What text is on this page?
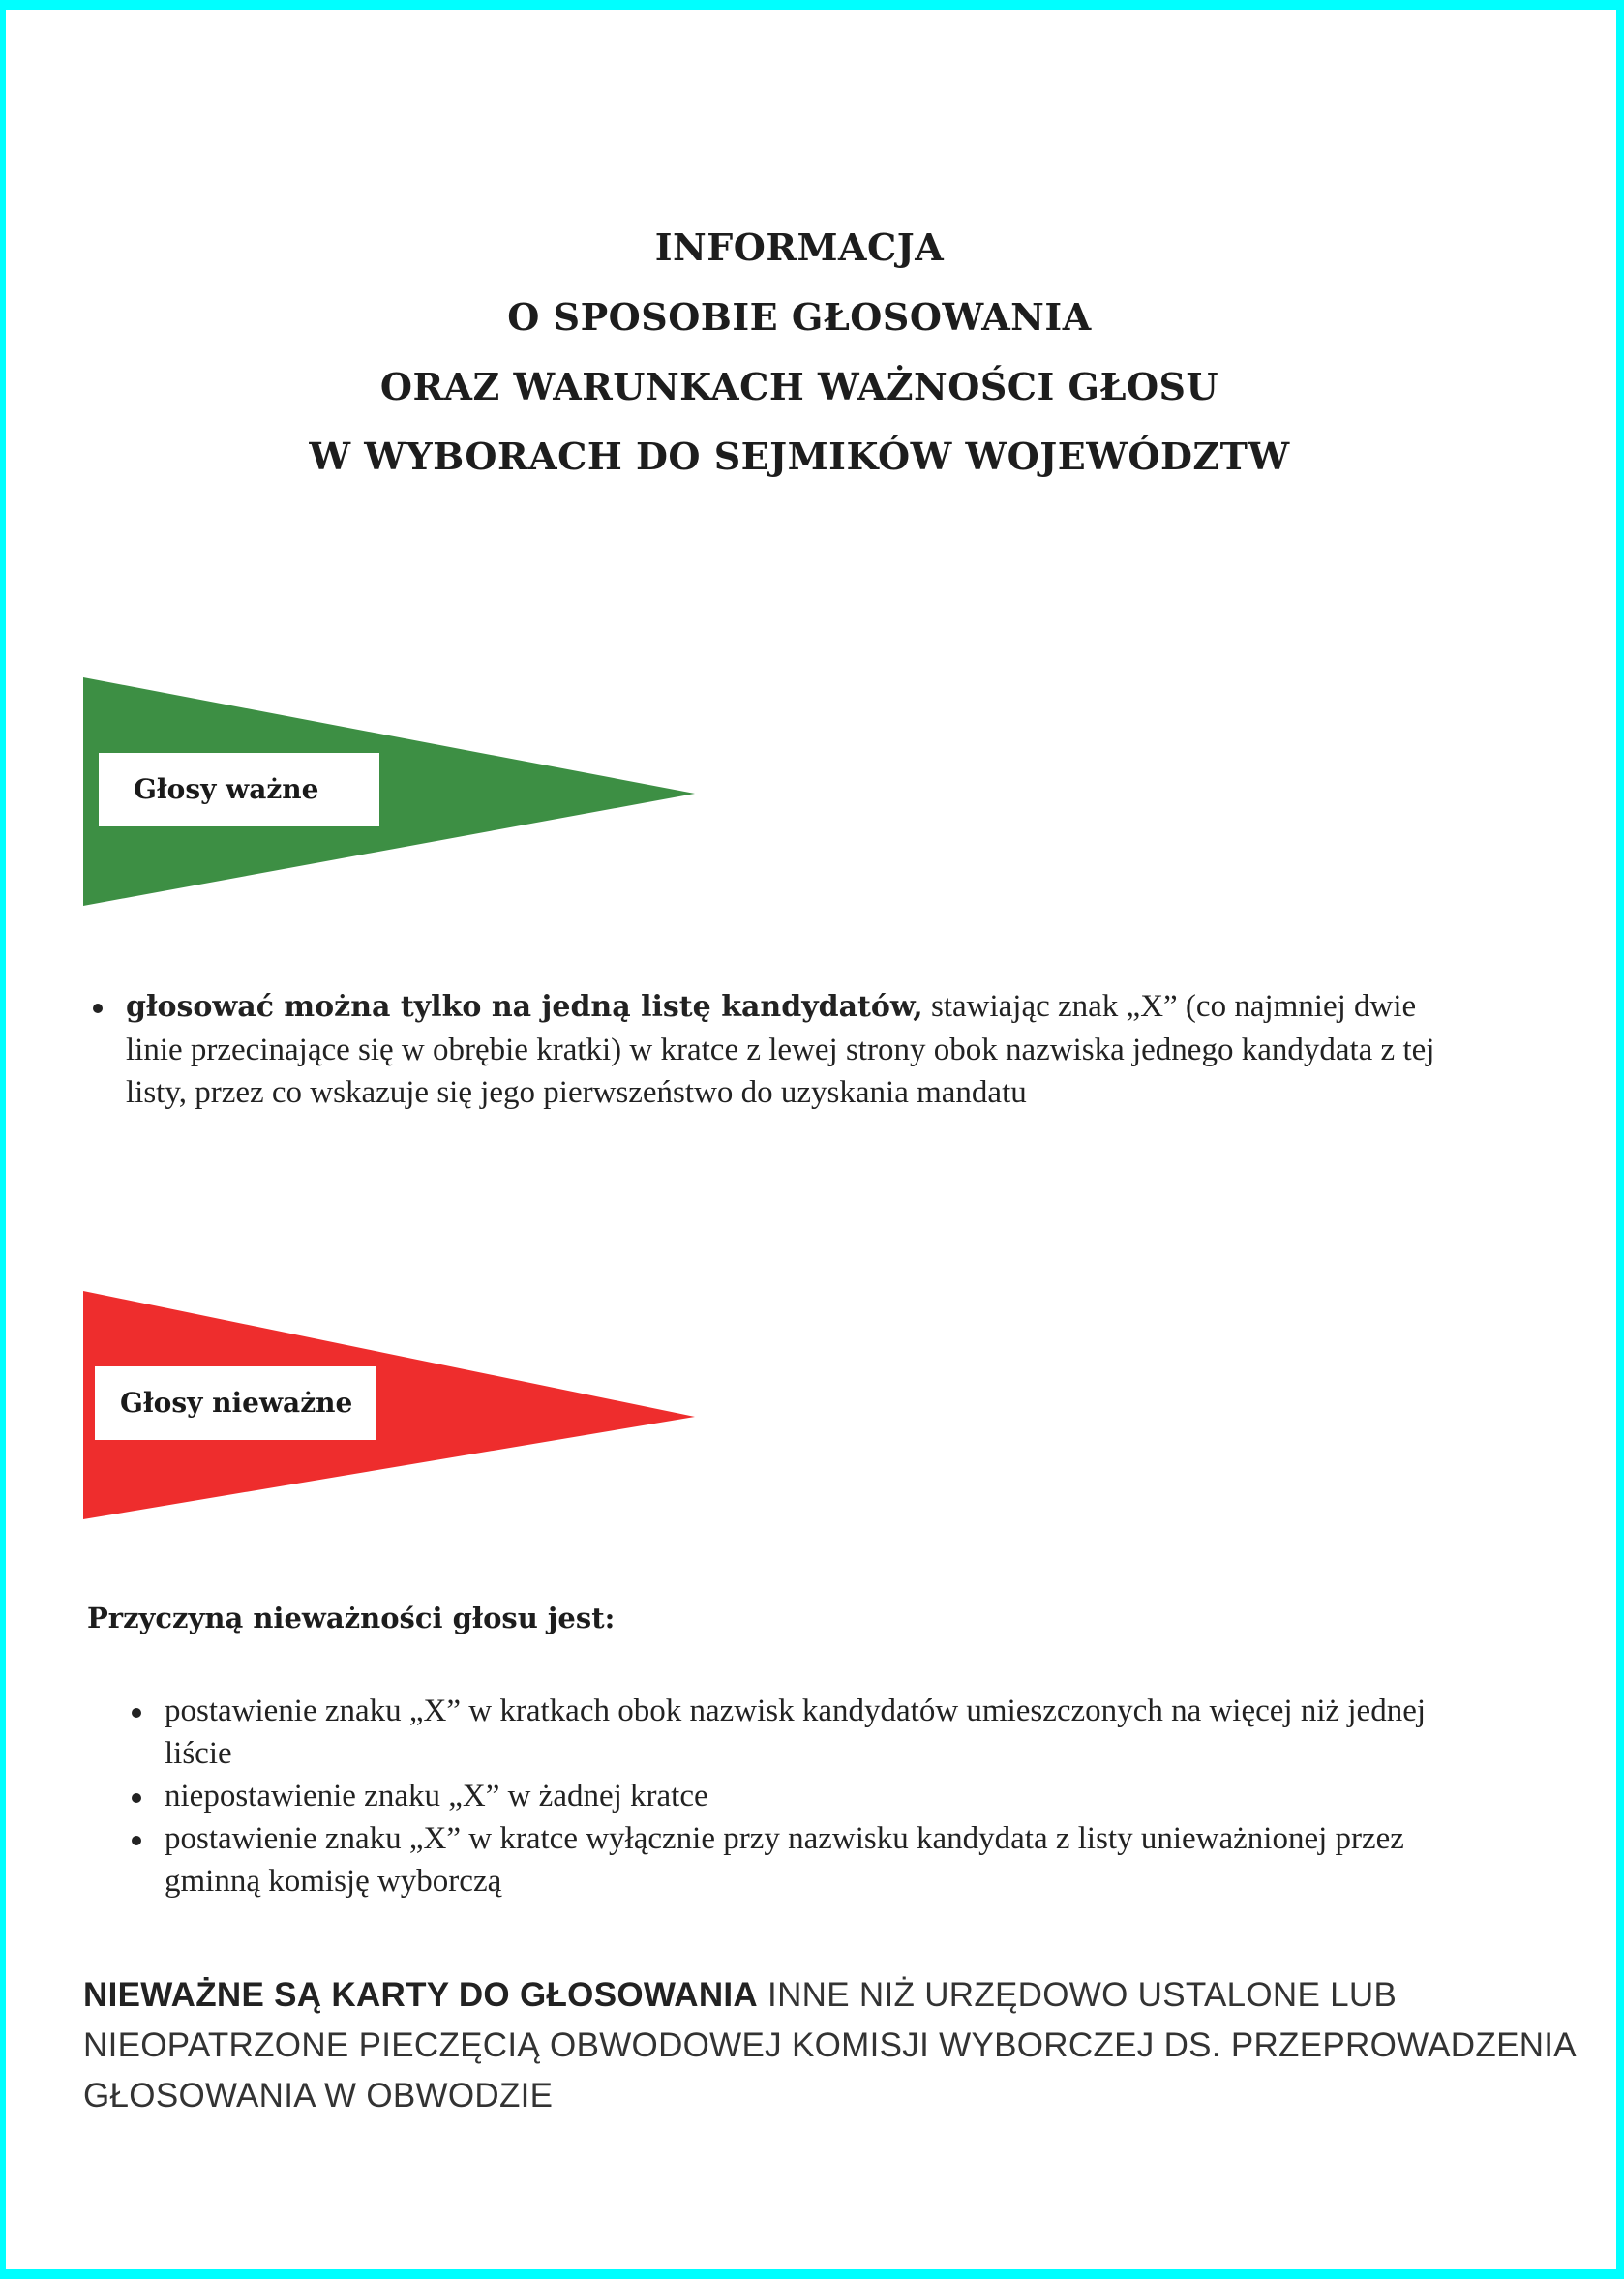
INFORMACJA
O SPOSOBIE GŁOSOWANIA
ORAZ WARUNKACH WAŻNOŚCI GŁOSU
W WYBORACH DO SEJMIKÓW WOJEWÓDZTW
Głosy ważne
głosować można tylko na jedną listę kandydatów, stawiając znak „X” (co najmniej dwie linie przecinające się w obrębie kratki) w kratce z lewej strony obok nazwiska jednego kandydata z tej listy, przez co wskazuje się jego pierwszeństwo do uzyskania mandatu
Głosy nieważne
Przyczyną nieważności głosu jest:
postawienie znaku „X” w kratkach obok nazwisk kandydatów umieszczonych na więcej niż jednej liście
niepostawienie znaku „X” w żadnej kratce
postawienie znaku „X” w kratce wyłącznie przy nazwisku kandydata z listy unieważnionej przez gminną komisję wyborczą

NIEWAŻNE SĄ KARTY DO GŁOSOWANIA INNE NIŻ URZĘDOWO USTALONE LUB NIEOPATRZONE PIECZĘCIĄ OBWODOWEJ KOMISJI WYBORCZEJ DS. PRZEPROWADZENIA GŁOSOWANIA W OBWODZIE
